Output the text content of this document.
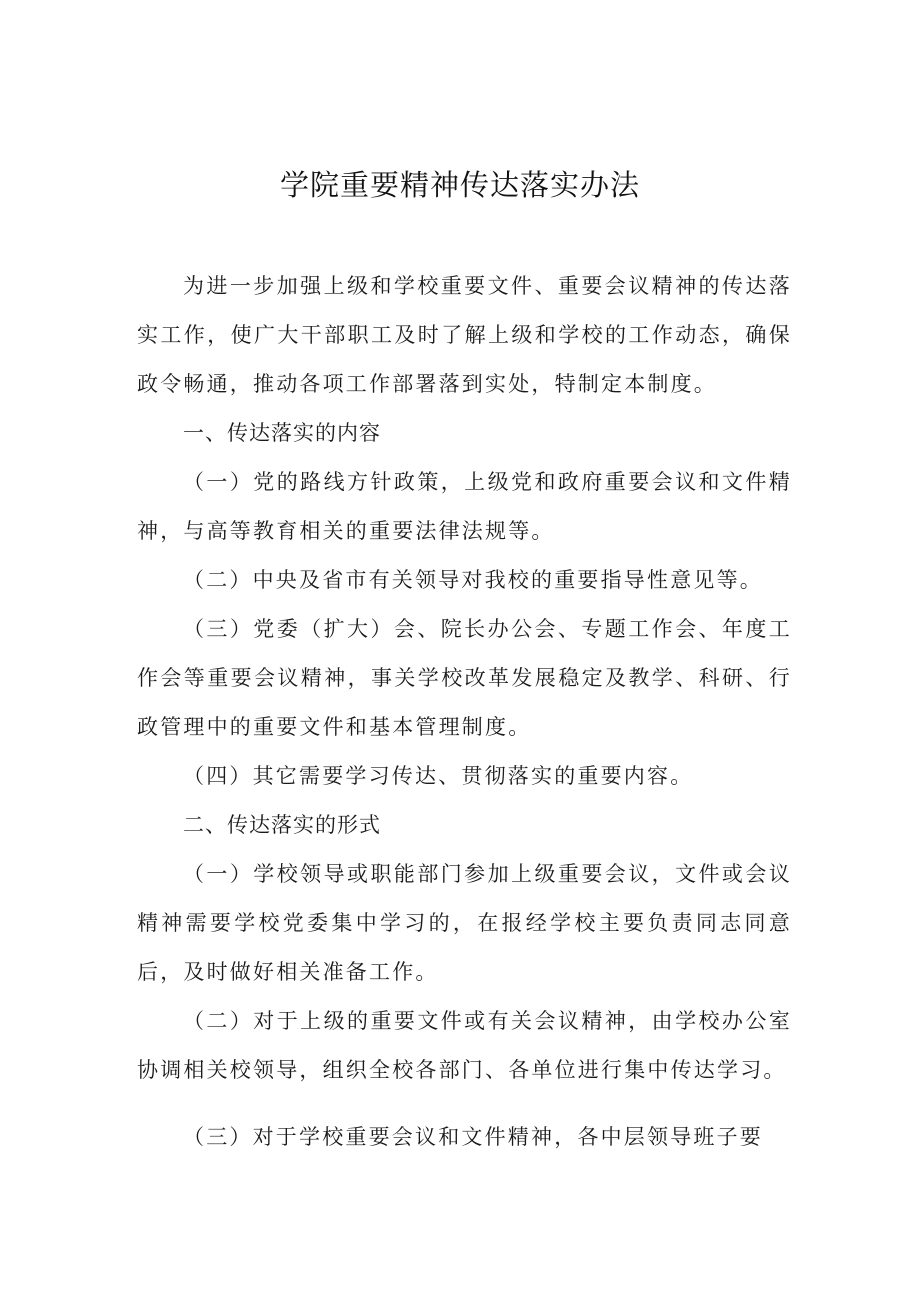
学院重要精神传达落实办法

为进一步加强上级和学校重要文件、重要会议精神的传达落实工作，使广大干部职工及时了解上级和学校的工作动态，确保政令畅通，推动各项工作部署落到实处，特制定本制度。

一、传达落实的内容

（一）党的路线方针政策，上级党和政府重要会议和文件精神，与高等教育相关的重要法律法规等。

（二）中央及省市有关领导对我校的重要指导性意见等。

（三）党委（扩大）会、院长办公会、专题工作会、年度工作会等重要会议精神，事关学校改革发展稳定及教学、科研、行政管理中的重要文件和基本管理制度。

（四）其它需要学习传达、贯彻落实的重要内容。

二、传达落实的形式

（一）学校领导或职能部门参加上级重要会议，文件或会议精神需要学校党委集中学习的，在报经学校主要负责同志同意后，及时做好相关准备工作。

（二）对于上级的重要文件或有关会议精神，由学校办公室协调相关校领导，组织全校各部门、各单位进行集中传达学习。

（三）对于学校重要会议和文件精神，各中层领导班子要
